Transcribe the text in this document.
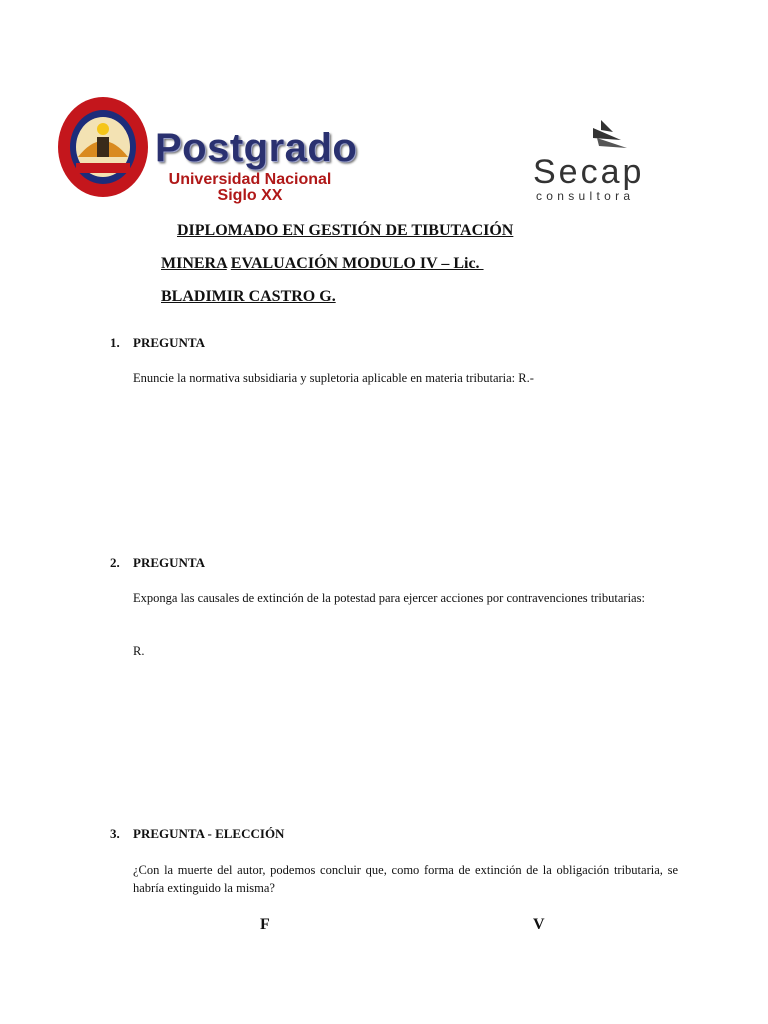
Postgrado
Universidad Nacional
Siglo XX
Secap
consultora
DIPLOMADO EN GESTIÓN DE TIBUTACIÓN
MINERA EVALUACIÓN MODULO IV – Lic.
BLADIMIR CASTRO G.
1. PREGUNTA
Enuncie la normativa subsidiaria y supletoria aplicable en materia tributaria: R.-
2. PREGUNTA
Exponga las causales de extinción de la potestad para ejercer acciones por contravenciones tributarias:
R.
3. PREGUNTA - ELECCIÓN
¿Con la muerte del autor, podemos concluir que, como forma de extinción de la obligación tributaria, se habría extinguido la misma?
F	V
